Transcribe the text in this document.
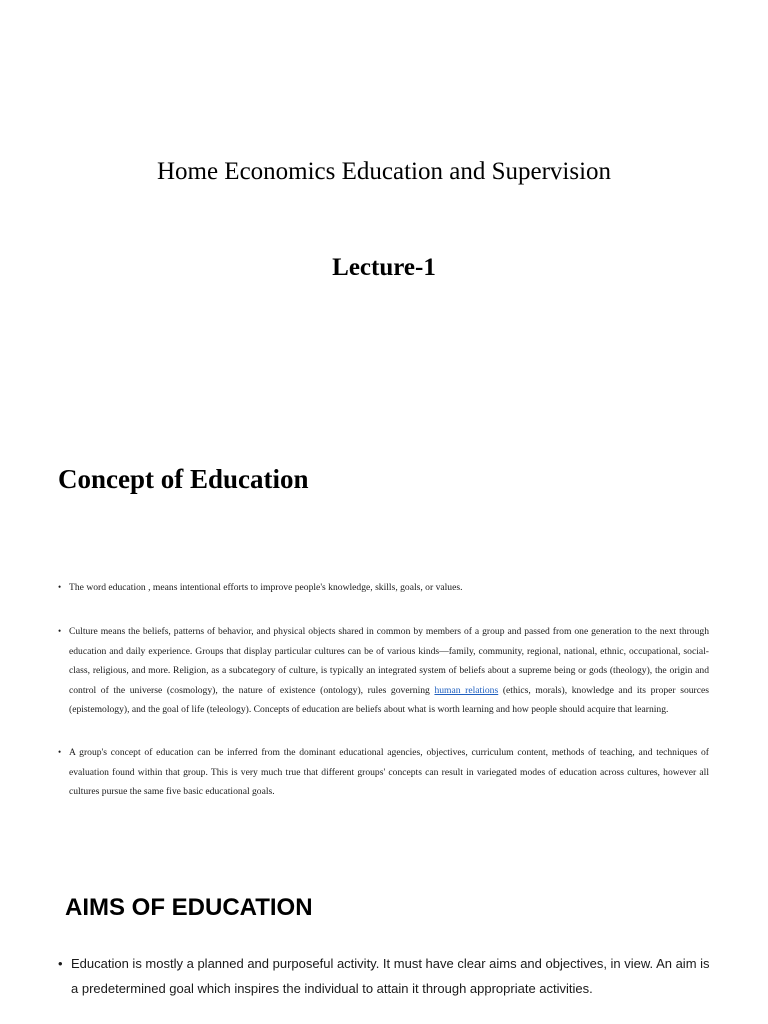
Home Economics Education and Supervision
Lecture-1
Concept of Education
• The word education , means intentional efforts to improve people's knowledge, skills, goals, or values.
• Culture means the beliefs, patterns of behavior, and physical objects shared in common by members of a group and passed from one generation to the next through education and daily experience. Groups that display particular cultures can be of various kinds—family, community, regional, national, ethnic, occupational, social-class, religious, and more. Religion, as a subcategory of culture, is typically an integrated system of beliefs about a supreme being or gods (theology), the origin and control of the universe (cosmology), the nature of existence (ontology), rules governing human relations (ethics, morals), knowledge and its proper sources (epistemology), and the goal of life (teleology). Concepts of education are beliefs about what is worth learning and how people should acquire that learning.
• A group's concept of education can be inferred from the dominant educational agencies, objectives, curriculum content, methods of teaching, and techniques of evaluation found within that group. This is very much true that different groups' concepts can result in variegated modes of education across cultures, however all cultures pursue the same five basic educational goals.
AIMS OF EDUCATION
• Education is mostly a planned and purposeful activity. It must have clear aims and objectives, in view. An aim is a predetermined goal which inspires the individual to attain it through appropriate activities.
